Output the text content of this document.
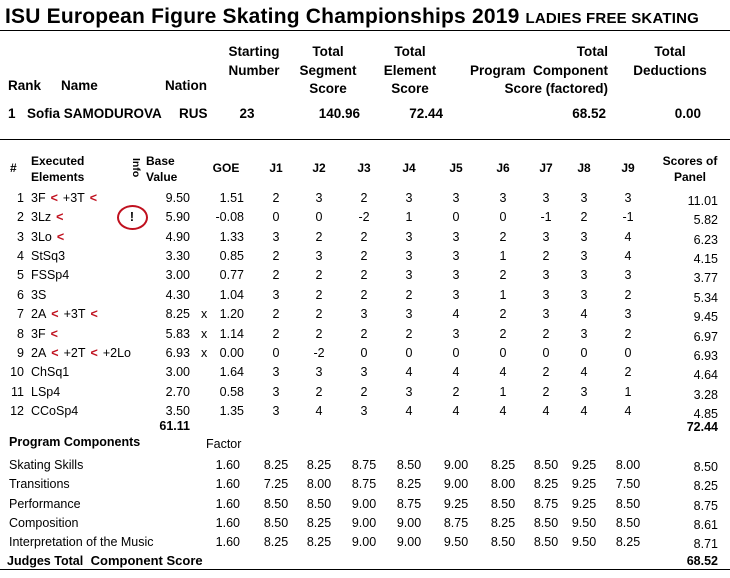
ISU European Figure Skating Championships 2019 LADIES FREE SKATING
Rank Name	Nation
Starting
Number
Total
Segment
Score
Total
Element
Score
Total
Program  Component
Score (factored)
Total
Deductions
1 Sofia SAMODUROVA RUS	23	140.96	72.44	68.52	0.00
# Executed
Elements	Info Base
Value
GOE	J1	J2	J3	J4	J5	J6	J7	J8	J9	Scores of
Panel
1 3F < +3T <	9.50	1.51	2	3	2	3	3	3	3	3	3	11.01
2 3Lz <	!	5.90	-0.08	0	0	-2	1	0	0	-1	2	-1	5.82
3 3Lo <	4.90	1.33	3	2	2	3	3	2	3	3	4	6.23
4 StSq3	3.30	0.85	2	3	2	3	3	1	2	3	4	4.15
5 FSSp4	3.00	0.77	2	2	2	3	3	2	3	3	3	3.77
6 3S	4.30	1.04	3	2	2	2	3	1	3	3	2	5.34
7 2A < +3T <	8.25 x 1.20	2	2	3	3	4	2	3	4	3	9.45
8 3F <	5.83 x 1.14	2	2	2	2	3	2	2	3	2	6.97
9 2A < +2T < +2Lo	6.93 x 0.00	0	-2	0	0	0	0	0	0	0	6.93
10 ChSq1	3.00	1.64	3	3	3	4	4	4	2	4	2	4.64
11 LSp4	2.70	0.58	3	2	2	3	2	1	2	3	1	3.28
12 CCoSp4	3.50	1.35	3	4	3	4	4	4	4	4	4	4.85
61.11	72.44
Program Components	Factor
Skating Skills	1.60	8.25	8.25	8.75	8.50	9.00	8.25	8.50	9.25	8.00	8.50
Transitions	1.60	7.25	8.00	8.75	8.25	9.00	8.00	8.25	9.25	7.50	8.25
Performance	1.60	8.50	8.50	9.00	8.75	9.25	8.50	8.75	9.25	8.50	8.75
Composition	1.60	8.50	8.25	9.00	9.00	8.75	8.25	8.50	9.50	8.50	8.61
Interpretation of the Music	1.60	8.25	8.25	9.00	9.00	9.50	8.50	8.50	9.50	8.25	8.71
Judges Total Component Score	68.52
